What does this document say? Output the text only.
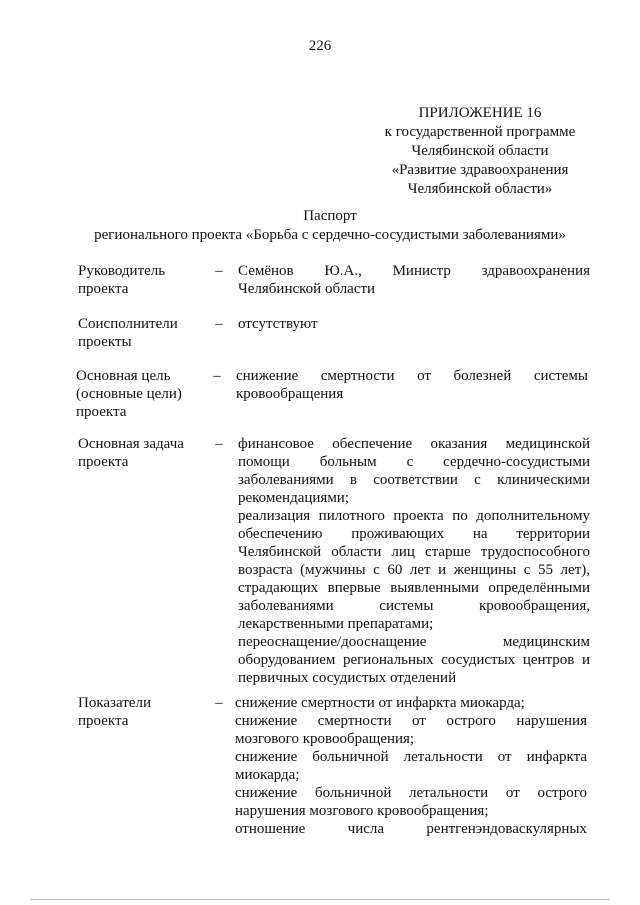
226
ПРИЛОЖЕНИЕ 16
к государственной программе
Челябинской области
«Развитие здравоохранения
Челябинской области»
Паспорт
регионального проекта «Борьба с сердечно-сосудистыми заболеваниями»
Руководитель
проекта
– Семёнов Ю.А., Министр здравоохранения
Челябинской области
Соисполнители
проекты
– отсутствуют
Основная цель
(основные цели)
проекта
– снижение смертности от болезней системы
кровообращения
Основная задача
проекта
– финансовое обеспечение оказания медицинской
помощи больным с сердечно-сосудистыми
заболеваниями в соответствии с клиническими
рекомендациями;
реализация пилотного проекта по дополнительному
обеспечению проживающих на территории
Челябинской области лиц старше трудоспособного
возраста (мужчины с 60 лет и женщины с 55 лет),
страдающих впервые выявленными определёнными
заболеваниями системы кровообращения,
лекарственными препаратами;
переоснащение/дооснащение медицинским
оборудованием региональных сосудистых центров и
первичных сосудистых отделений
Показатели
проекта
– снижение смертности от инфаркта миокарда;
снижение смертности от острого нарушения
мозгового кровообращения;
снижение больничной летальности от инфаркта
миокарда;
снижение больничной летальности от острого
нарушения мозгового кровообращения;
отношение числа рентгенэндоваскулярных
